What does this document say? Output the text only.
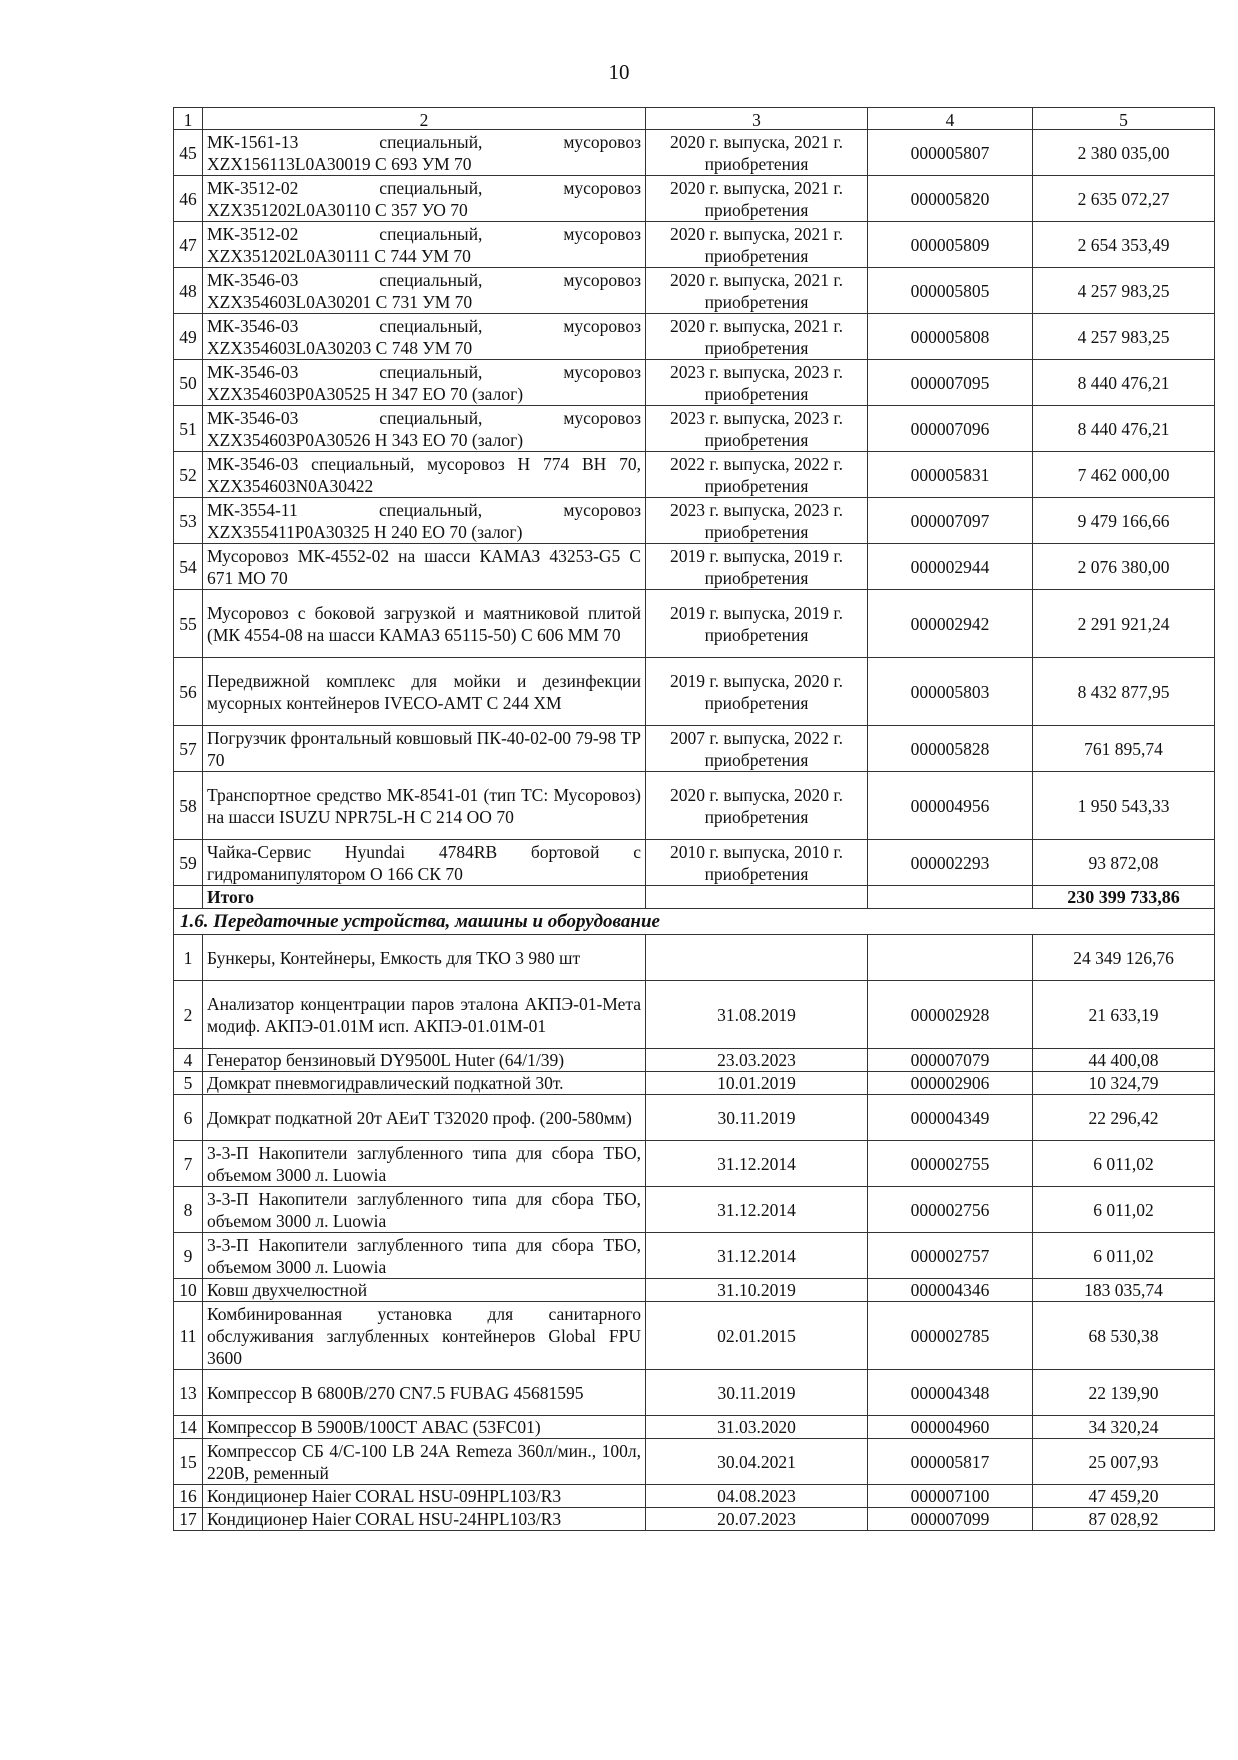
10
1	2	3	4	5
45	МК-1561-13 специальный, мусоровоз XZX156113L0A30019 С 693 УМ 70	2020 г. выпуска, 2021 г. приобретения	000005807	2 380 035,00
46	МК-3512-02 специальный, мусоровоз XZX351202L0A30110 С 357 УО 70	2020 г. выпуска, 2021 г. приобретения	000005820	2 635 072,27
47	МК-3512-02 специальный, мусоровоз XZX351202L0A30111 С 744 УМ 70	2020 г. выпуска, 2021 г. приобретения	000005809	2 654 353,49
48	МК-3546-03 специальный, мусоровоз XZX354603L0A30201 С 731 УМ 70	2020 г. выпуска, 2021 г. приобретения	000005805	4 257 983,25
49	МК-3546-03 специальный, мусоровоз XZX354603L0A30203 С 748 УМ 70	2020 г. выпуска, 2021 г. приобретения	000005808	4 257 983,25
50	МК-3546-03 специальный, мусоровоз XZX354603P0A30525 Н 347 ЕО 70 (залог)	2023 г. выпуска, 2023 г. приобретения	000007095	8 440 476,21
51	МК-3546-03 специальный, мусоровоз XZX354603P0A30526 Н 343 ЕО 70 (залог)	2023 г. выпуска, 2023 г. приобретения	000007096	8 440 476,21
52	МК-3546-03 специальный, мусоровоз Н 774 ВН 70, XZX354603N0A30422	2022 г. выпуска, 2022 г. приобретения	000005831	7 462 000,00
53	МК-3554-11 специальный, мусоровоз XZX355411P0A30325 Н 240 ЕО 70 (залог)	2023 г. выпуска, 2023 г. приобретения	000007097	9 479 166,66
54	Мусоровоз МК-4552-02 на шасси КАМАЗ 43253-G5 С 671 МО 70	2019 г. выпуска, 2019 г. приобретения	000002944	2 076 380,00
55	Мусоровоз с боковой загрузкой и маятниковой плитой (МК 4554-08 на шасси КАМАЗ 65115-50) С 606 ММ 70	2019 г. выпуска, 2019 г. приобретения	000002942	2 291 921,24
56	Передвижной комплекс для мойки и дезинфекции мусорных контейнеров IVECO-АМТ С 244 ХМ	2019 г. выпуска, 2020 г. приобретения	000005803	8 432 877,95
57	Погрузчик фронтальный ковшовый ПК-40-02-00 79-98 ТР 70	2007 г. выпуска, 2022 г. приобретения	000005828	761 895,74
58	Транспортное средство МК-8541-01 (тип ТС: Мусоровоз) на шасси ISUZU NPR75L-H С 214 ОО 70	2020 г. выпуска, 2020 г. приобретения	000004956	1 950 543,33
59	Чайка-Сервис Hyundai 4784RB бортовой с гидроманипулятором О 166 СК 70	2010 г. выпуска, 2010 г. приобретения	000002293	93 872,08
	Итого			230 399 733,86
1.6. Передаточные устройства, машины и оборудование				
1	Бункеры, Контейнеры, Емкость для ТКО 3 980 шт			24 349 126,76
2	Анализатор концентрации паров эталона АКПЭ-01-Мета модиф. АКПЭ-01.01М исп. АКПЭ-01.01М-01	31.08.2019	000002928	21 633,19
4	Генератор бензиновый DY9500L Huter (64/1/39)	23.03.2023	000007079	44 400,08
5	Домкрат пневмогидравлический подкатной 30т.	10.01.2019	000002906	10 324,79
6	Домкрат подкатной 20т АЕиТ Т32020 проф. (200-580мм)	30.11.2019	000004349	22 296,42
7	3-3-П Накопители заглубленного типа для сбора ТБО, объемом 3000 л. Luowia	31.12.2014	000002755	6 011,02
8	3-3-П Накопители заглубленного типа для сбора ТБО, объемом 3000 л. Luowia	31.12.2014	000002756	6 011,02
9	3-3-П Накопители заглубленного типа для сбора ТБО, объемом 3000 л. Luowia	31.12.2014	000002757	6 011,02
10	Ковш двухчелюстной	31.10.2019	000004346	183 035,74
11	Комбинированная установка для санитарного обслуживания заглубленных контейнеров Global FPU 3600	02.01.2015	000002785	68 530,38
13	Компрессор В 6800В/270 CN7.5 FUBAG 45681595	30.11.2019	000004348	22 139,90
14	Компрессор В 5900В/100СТ АВАС (53FC01)	31.03.2020	000004960	34 320,24
15	Компрессор СБ 4/С-100 LB 24А Remeza 360л/мин., 100л, 220В, ременный	30.04.2021	000005817	25 007,93
16	Кондиционер Haier CORAL HSU-09HPL103/R3	04.08.2023	000007100	47 459,20
17	Кондиционер Haier CORAL HSU-24HPL103/R3	20.07.2023	000007099	87 028,92
